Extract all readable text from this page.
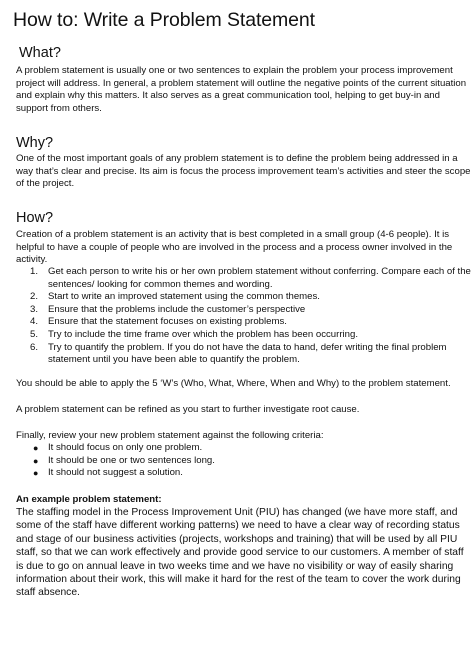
How to: Write a Problem Statement
What?

A problem statement is usually one or two sentences to explain the problem your process improvement project will address. In general, a problem statement will outline the negative points of the current situation and explain why this matters. It also serves as a great communication tool, helping to get buy-in and support from others.

Why?

One of the most important goals of any problem statement is to define the problem being addressed in a way that’s clear and precise. Its aim is focus the process improvement team’s activities and steer the scope of the project.

How?

Creation of a problem statement is an activity that is best completed in a small group (4-6 people). It is helpful to have a couple of people who are involved in the process and a process owner involved in the activity.

1. Get each person to write his or her own problem statement without conferring. Compare each of the sentences/ looking for common themes and wording.
2. Start to write an improved statement using the common themes.
3. Ensure that the problems include the customer’s perspective
4. Ensure that the statement focuses on existing problems.
5. Try to include the time frame over which the problem has been occurring.
6. Try to quantify the problem. If you do not have the data to hand, defer writing the final problem statement until you have been able to quantify the problem.

You should be able to apply the 5 ‘W’s (Who, What, Where, When and Why) to the problem statement.

A problem statement can be refined as you start to further investigate root cause.

Finally, review your new problem statement against the following criteria:

● It should focus on only one problem.
● It should be one or two sentences long.
● It should not suggest a solution.

An example problem statement:

The staffing model in the Process Improvement Unit (PIU) has changed (we have more staff, and some of the staff have different working patterns) we need to have a clear way of recording status and stage of our business activities (projects, workshops and training) that will be used by all PIU staff, so that we can work effectively and provide good service to our customers. A member of staff is due to go on annual leave in two weeks time and we have no visibility or way of easily sharing information about their work, this will make it hard for the rest of the team to cover the work during staff absence.
